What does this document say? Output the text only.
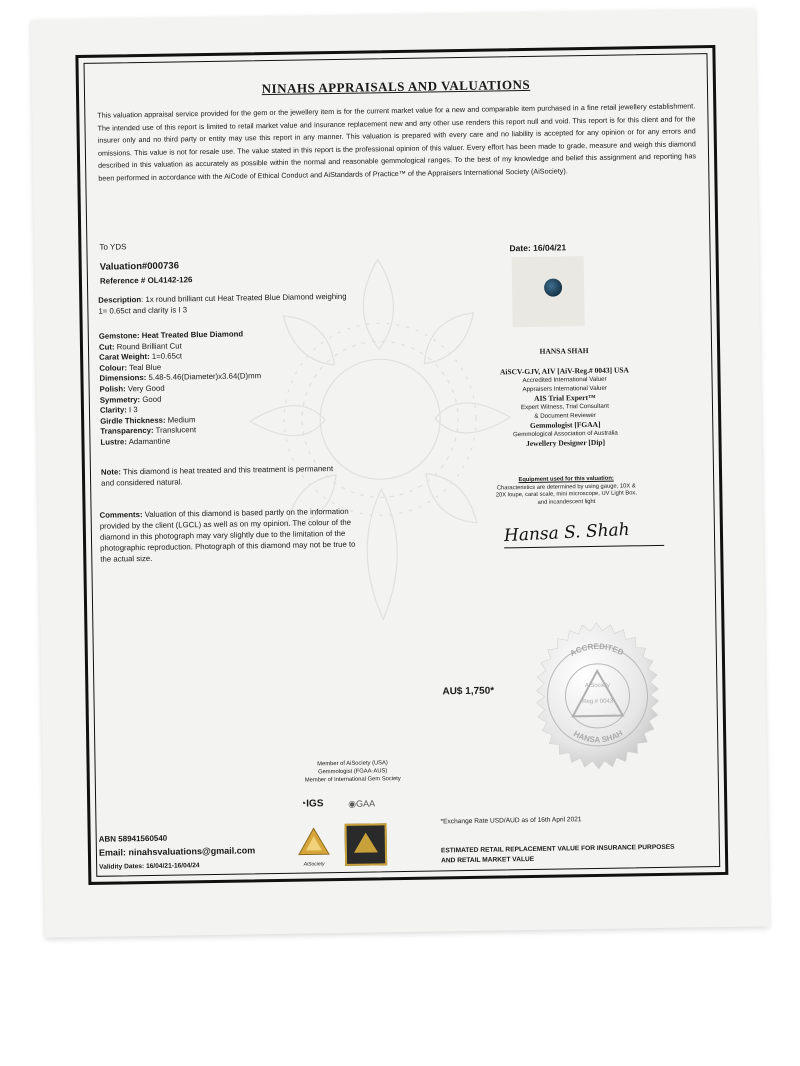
NINAHS APPRAISALS AND VALUATIONS
This valuation appraisal service provided for the gem or the jewellery item is for the current market value for a new and comparable item purchased in a fine retail jewellery establishment. The intended use of this report is limited to retail market value and insurance replacement new and any other use renders this report null and void. This report is for this client and for the insurer only and no third party or entity may use this report in any manner. This valuation is prepared with every care and no liability is accepted for any opinion or for any errors and omissions. This value is not for resale use. The value stated in this report is the professional opinion of this valuer. Every effort has been made to grade, measure and weigh this diamond described in this valuation as accurately as possible within the normal and reasonable gemmological ranges. To the best of my knowledge and belief this assignment and reporting has been performed in accordance with the AiCode of Ethical Conduct and AiStandards of Practice™ of the Appraisers International Society (AiSociety).
To YDS	Date: 16/04/21
Valuation#000736
Reference # OL4142-126
Description: 1x round brilliant cut Heat Treated Blue Diamond weighing 1= 0.65ct and clarity is I 3
Gemstone: Heat Treated Blue Diamond
Cut: Round Brilliant Cut
Carat Weight: 1=0.65ct
Colour: Teal Blue
Dimensions: 5.48-5.46(Diameter)x3.64(D)mm
Polish: Very Good
Symmetry: Good
Clarity: I 3
Girdle Thickness: Medium
Transparency: Translucent
Lustre: Adamantine
Note: This diamond is heat treated and this treatment is permanent and considered natural.
Comments: Valuation of this diamond is based partly on the information provided by the client (LGCL) as well as on my opinion. The colour of the diamond in this photograph may vary slightly due to the limitation of the photographic reproduction. Photograph of this diamond may not be true to the actual size.
HANSA SHAH
AiSCV-GJV, AIV [AiV-Reg.# 0043] USA
Accredited International Valuer
Appraisers International Valuer
AIS Trial Expert™
Expert Witness, Trial Consultant
& Document Reviewer
Gemmologist [FGAA]
Gemmological Association of Australia
Jewellery Designer [Dip]
Equipment used for this valuation:
Characteristics are determined by using gauge, 10X & 20X loupe, carat scale, mini microscope, UV Light Box, and incandescent light
Hansa S. Shah
ACCREDITED
HANSA SHAH
AiSociety
Reg.# 0043
AU$ 1,750*
Member of AiSociety (USA)
Gemmologist (FGAA-AUS)
Member of International Gem Society
◔IGS	◉GAA
AiSociety
*Exchange Rate USD/AUD as of 16th April 2021
ABN 58941560540
Email: ninahsvaluations@gmail.com
Validity Dates: 16/04/21-16/04/24
ESTIMATED RETAIL REPLACEMENT VALUE FOR INSURANCE PURPOSES AND RETAIL MARKET VALUE
